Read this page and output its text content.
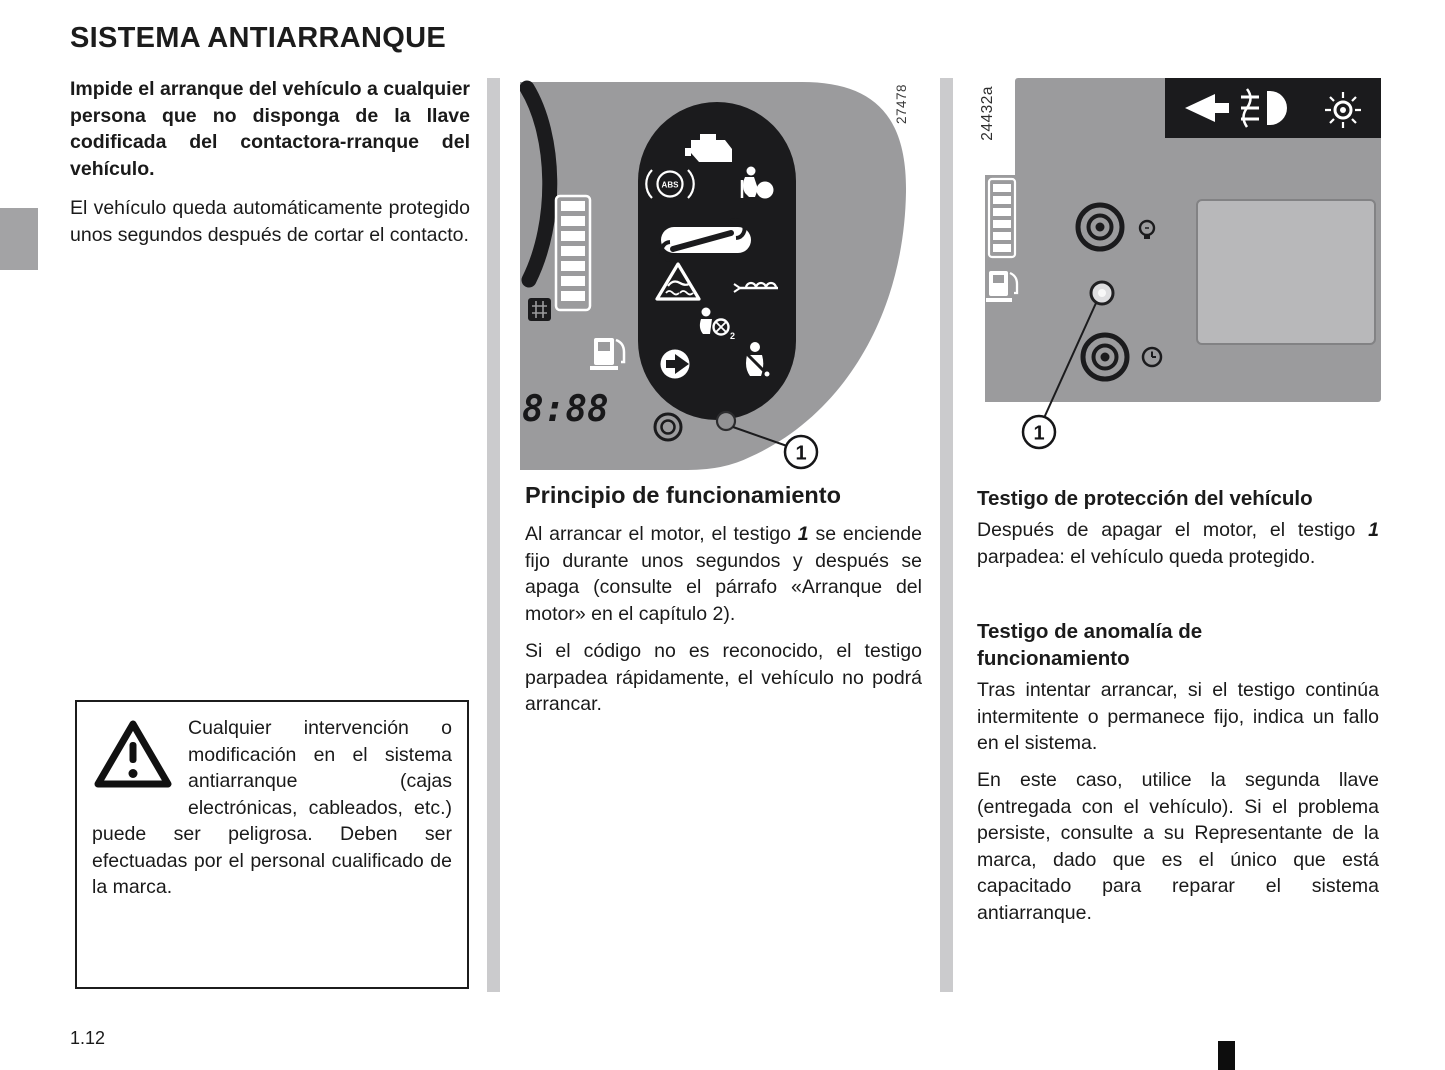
SISTEMA ANTIARRANQUE

Impide el arranque del vehículo a cualquier persona que no disponga de la llave codificada del contactora-rranque del vehículo.

El vehículo queda automáticamente protegido unos segundos después de cortar el contacto.

Cualquier intervención o modificación en el sistema antiarranque (cajas electrónicas, cableados, etc.) puede ser peligrosa. Deben ser efectuadas por el personal cualificado de la marca.

8:88
ABS
2
1
27478
1
24432a
Principio de funcionamiento

Al arrancar el motor, el testigo 1 se enciende fijo durante unos segundos y después se apaga (consulte el párrafo «Arranque del motor» en el capítulo 2).

Si el código no es reconocido, el testigo parpadea rápidamente, el vehículo no podrá arrancar.

Testigo de protección del vehículo

Después de apagar el motor, el testigo 1 parpadea: el vehículo queda protegido.

Testigo de anomalía de funcionamiento

Tras intentar arrancar, si el testigo continúa intermitente o permanece fijo, indica un fallo en el sistema.

En este caso, utilice la segunda llave (entregada con el vehículo). Si el problema persiste, consulte a su Representante de la marca, dado que es el único que está capacitado para reparar el sistema antiarranque.

1.12
